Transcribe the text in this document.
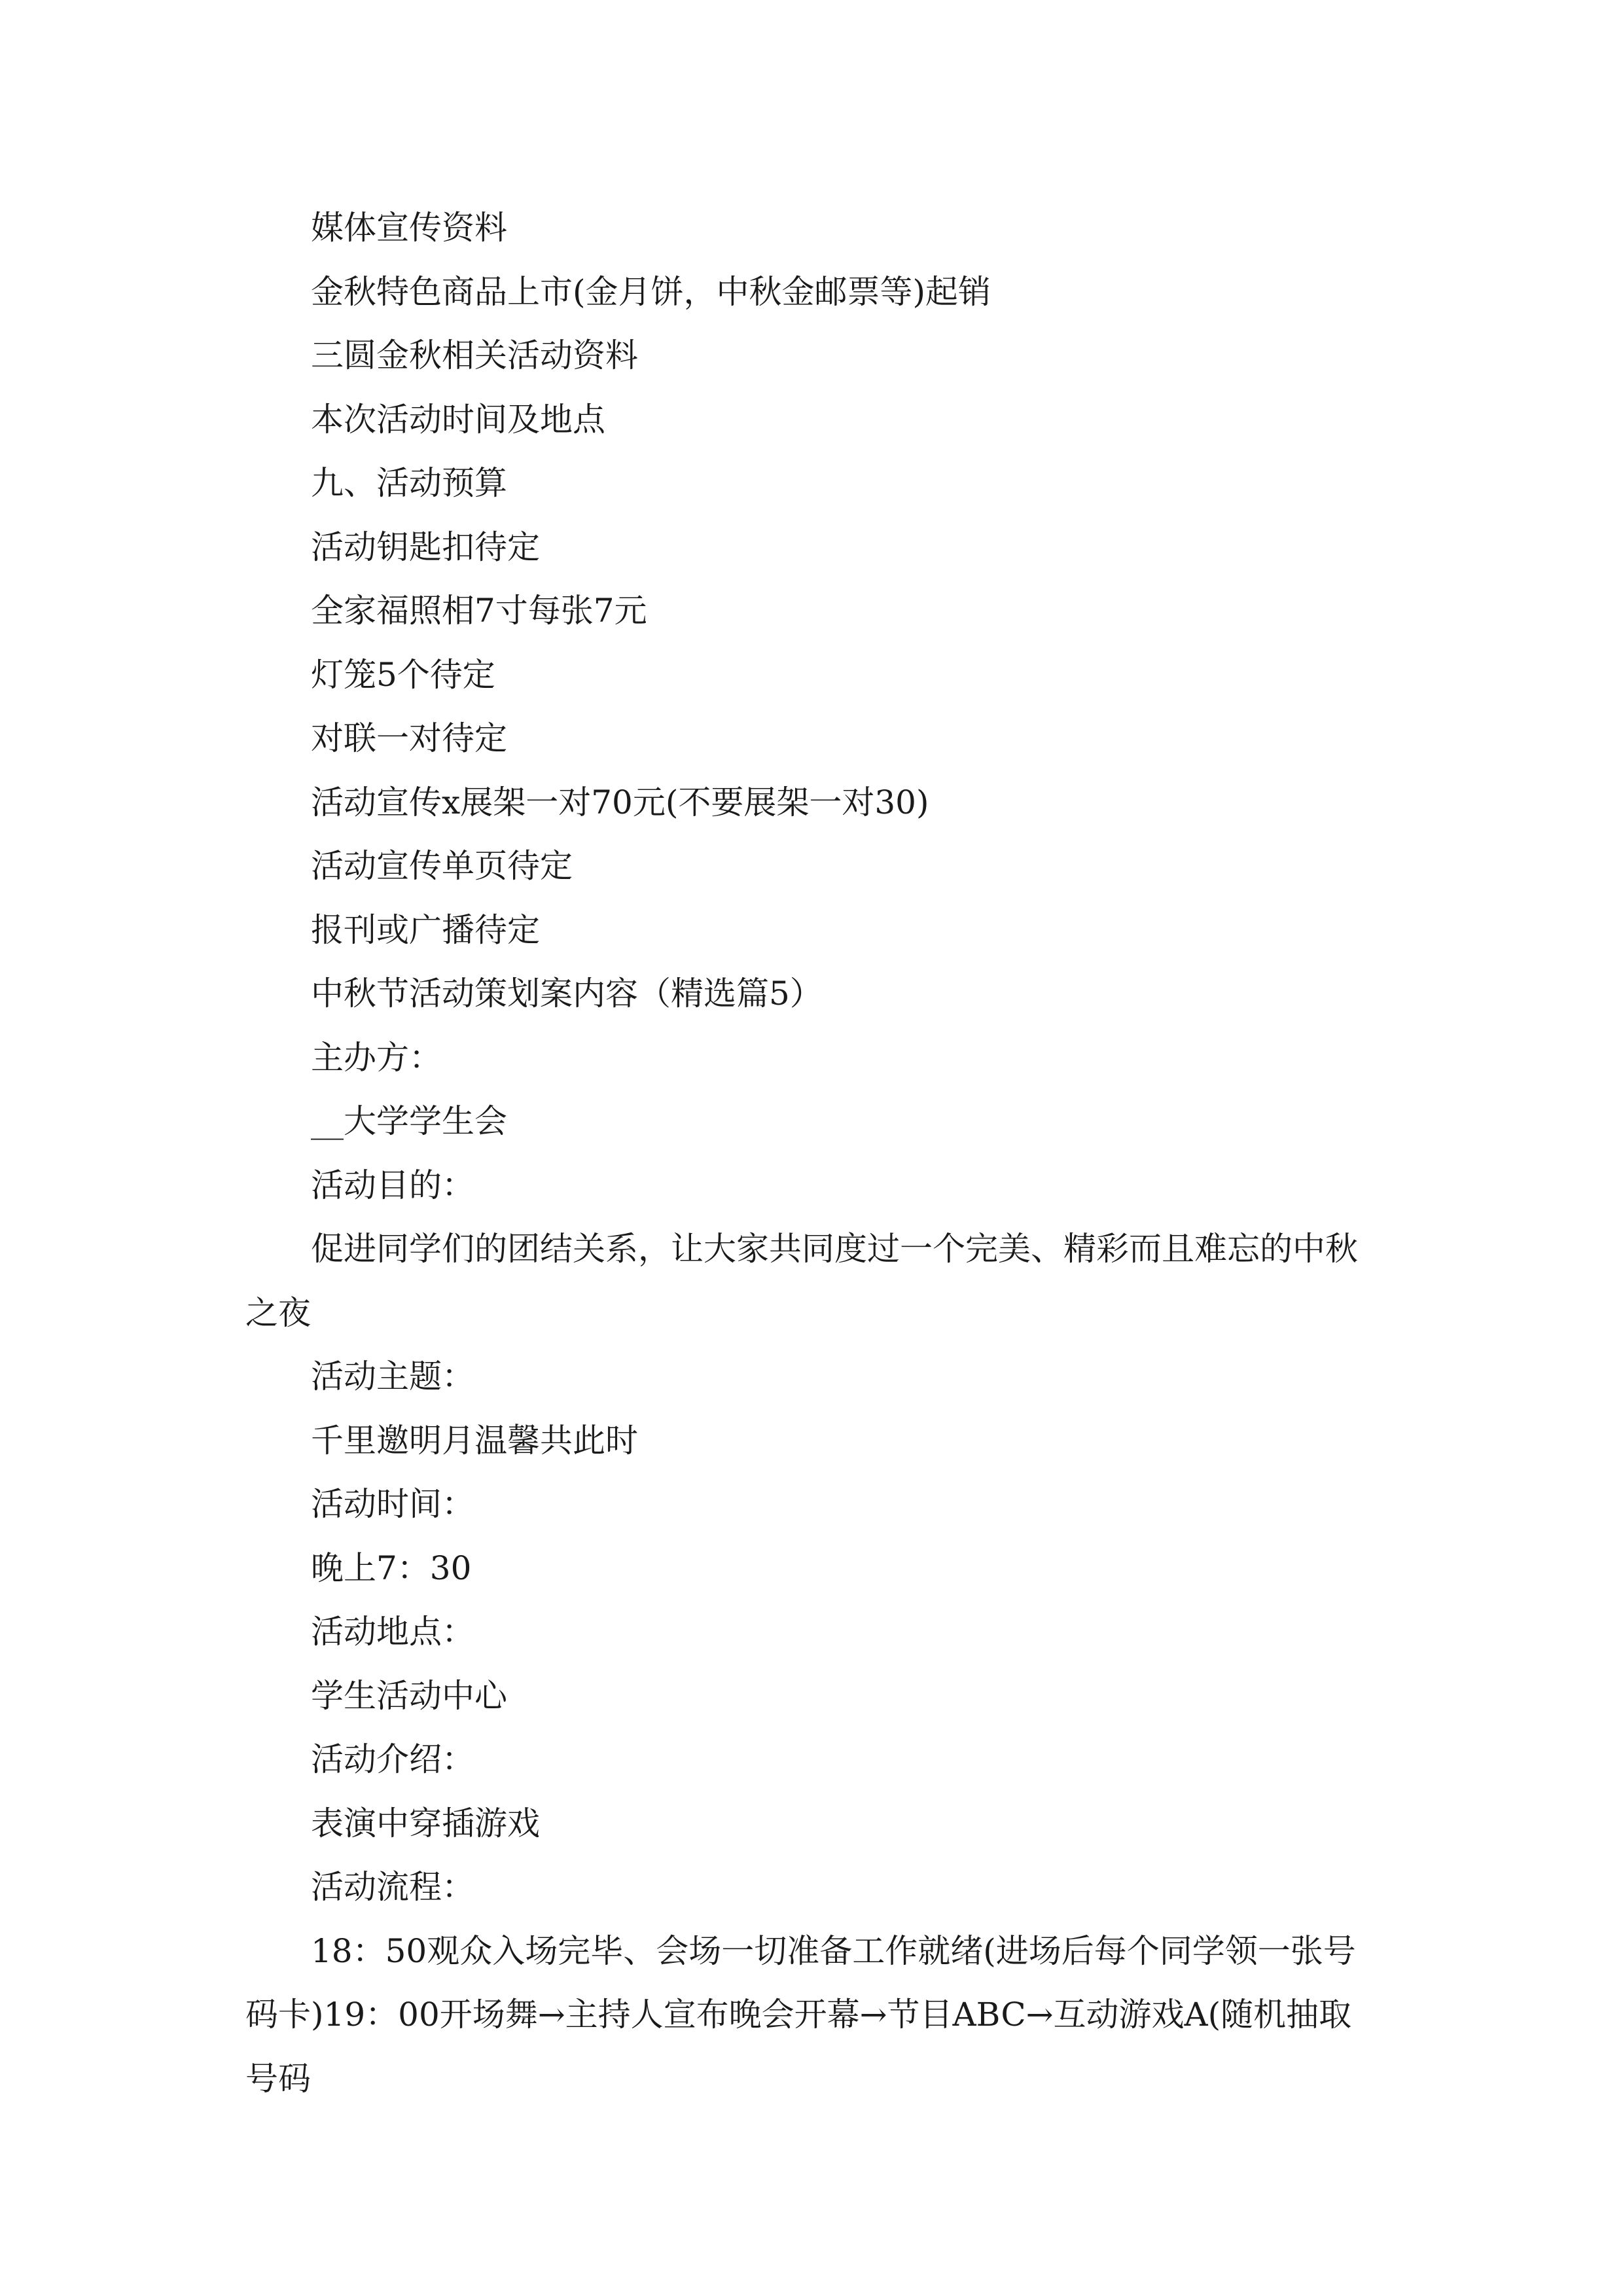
媒体宣传资料

金秋特色商品上市(金月饼，中秋金邮票等)起销

三圆金秋相关活动资料

本次活动时间及地点

九、活动预算

活动钥匙扣待定

全家福照相7寸每张7元

灯笼5个待定

对联一对待定

活动宣传x展架一对70元(不要展架一对30)

活动宣传单页待定

报刊或广播待定

中秋节活动策划案内容（精选篇5）

主办方：

__大学学生会

活动目的：

促进同学们的团结关系，让大家共同度过一个完美、精彩而且难忘的中秋之夜

活动主题：

千里邀明月温馨共此时

活动时间：

晚上7：30

活动地点：

学生活动中心

活动介绍：

表演中穿插游戏

活动流程：

18：50观众入场完毕、会场一切准备工作就绪(进场后每个同学领一张号码卡)19：00开场舞→主持人宣布晚会开幕→节目ABC→互动游戏A(随机抽取号码
